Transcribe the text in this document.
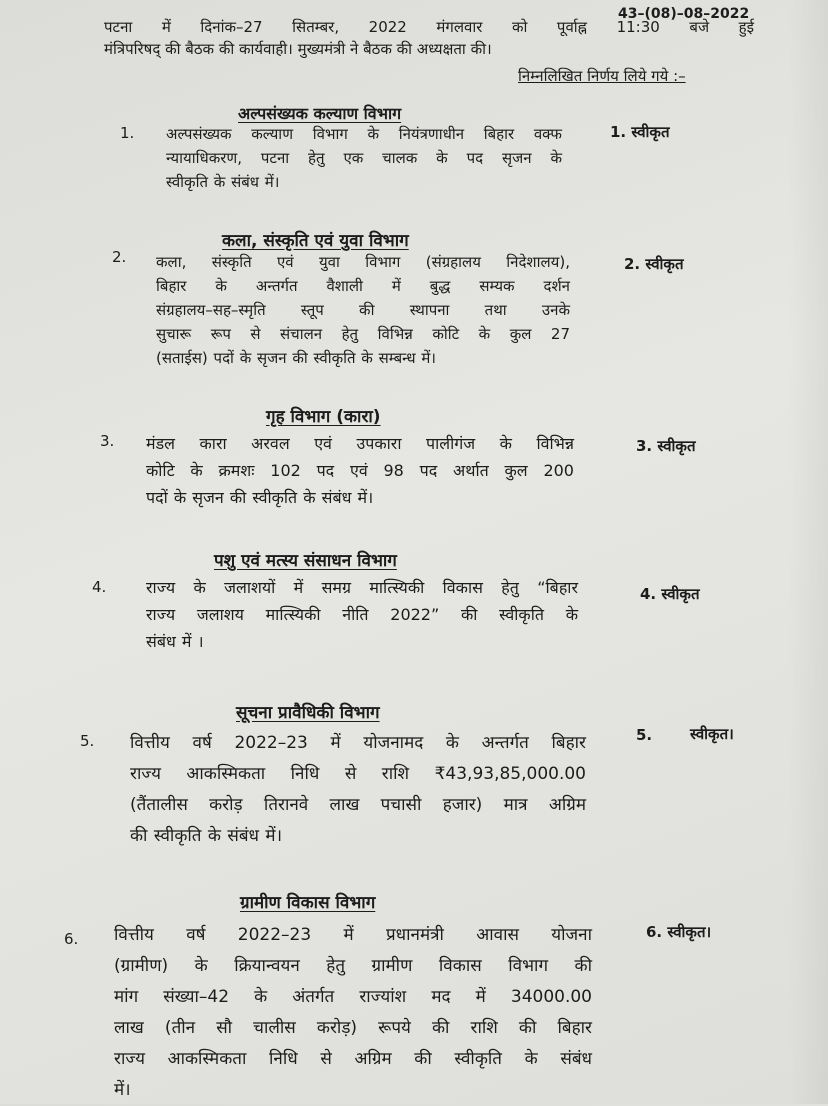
43–(08)–08–2022
पटना में दिनांक–27 सितम्बर, 2022 मंगलवार को पूर्वाह्न 11:30 बजे हुई
मंत्रिपरिषद् की बैठक की कार्यवाही। मुख्यमंत्री ने बैठक की अध्यक्षता की।
निम्नलिखित निर्णय लिये गये :–
अल्पसंख्यक कल्याण विभाग
1. अल्पसंख्यक कल्याण विभाग के नियंत्रणाधीन बिहार वक्फ
न्यायाधिकरण, पटना हेतु एक चालक के पद सृजन के
स्वीकृति के संबंध में।
1. स्वीकृत
कला, संस्कृति एवं युवा विभाग
2. कला, संस्कृति एवं युवा विभाग (संग्रहालय निदेशालय),
बिहार के अन्तर्गत वैशाली में बुद्ध सम्यक दर्शन
संग्रहालय–सह–स्मृति स्तूप की स्थापना तथा उनके
सुचारू रूप से संचालन हेतु विभिन्न कोटि के कुल 27
(सताईस) पदों के सृजन की स्वीकृति के सम्बन्ध में।
2. स्वीकृत
गृह विभाग (कारा)
3. मंडल कारा अरवल एवं उपकारा पालीगंज के विभिन्न
कोटि के क्रमशः 102 पद एवं 98 पद अर्थात कुल 200
पदों के सृजन की स्वीकृति के संबंध में।
3. स्वीकृत
पशु एवं मत्स्य संसाधन विभाग
4. राज्य के जलाशयों में समग्र मात्स्यिकी विकास हेतु “बिहार
राज्य जलाशय मात्स्यिकी नीति 2022” की स्वीकृति के
संबंध में ।
4. स्वीकृत
सूचना प्रावैधिकी विभाग
5. वित्तीय वर्ष 2022–23 में योजनामद के अन्तर्गत बिहार
राज्य आकस्मिकता निधि से राशि ₹43,93,85,000.00
(तैंतालीस करोड़ तिरानवे लाख पचासी हजार) मात्र अग्रिम
की स्वीकृति के संबंध में।
5.	स्वीकृत।
ग्रामीण विकास विभाग
6. वित्तीय वर्ष 2022–23 में प्रधानमंत्री आवास योजना
(ग्रामीण) के क्रियान्वयन हेतु ग्रामीण विकास विभाग की
मांग संख्या–42 के अंतर्गत राज्यांश मद में 34000.00
लाख (तीन सौ चालीस करोड़) रूपये की राशि की बिहार
राज्य आकस्मिकता निधि से अग्रिम की स्वीकृति के संबंध
में।
6. स्वीकृत।
